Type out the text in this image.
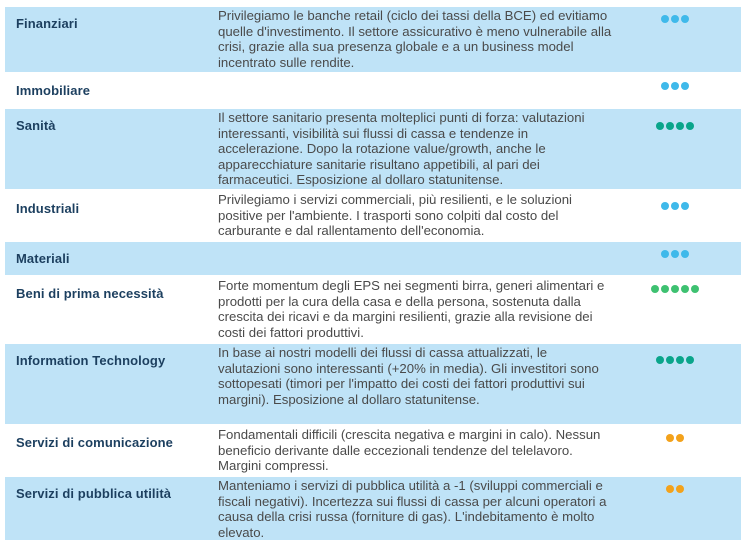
Finanziari
Privilegiamo le banche retail (ciclo dei tassi della BCE) ed evitiamo quelle d'investimento. Il settore assicurativo è meno vulnerabile alla crisi, grazie alla sua presenza globale e a un business model incentrato sulle rendite.
Immobiliare
Sanità
Il settore sanitario presenta molteplici punti di forza: valutazioni interessanti, visibilità sui flussi di cassa e tendenze in accelerazione. Dopo la rotazione value/growth, anche le apparecchiature sanitarie risultano appetibili, al pari dei farmaceutici. Esposizione al dollaro statunitense.
Industriali
Privilegiamo i servizi commerciali, più resilienti, e le soluzioni positive per l'ambiente. I trasporti sono colpiti dal costo del carburante e dal rallentamento dell'economia.
Materiali
Beni di prima necessità
Forte momentum degli EPS nei segmenti birra, generi alimentari e prodotti per la cura della casa e della persona, sostenuta dalla crescita dei ricavi e da margini resilienti, grazie alla revisione dei costi dei fattori produttivi.
Information Technology
In base ai nostri modelli dei flussi di cassa attualizzati, le valutazioni sono interessanti (+20% in media). Gli investitori sono sottopesati (timori per l'impatto dei costi dei fattori produttivi sui margini). Esposizione al dollaro statunitense.
Servizi di comunicazione
Fondamentali difficili (crescita negativa e margini in calo). Nessun beneficio derivante dalle eccezionali tendenze del telelavoro. Margini compressi.
Servizi di pubblica utilità
Manteniamo i servizi di pubblica utilità a -1 (sviluppi commerciali e fiscali negativi). Incertezza sui flussi di cassa per alcuni operatori a causa della crisi russa (forniture di gas). L'indebitamento è molto elevato.
